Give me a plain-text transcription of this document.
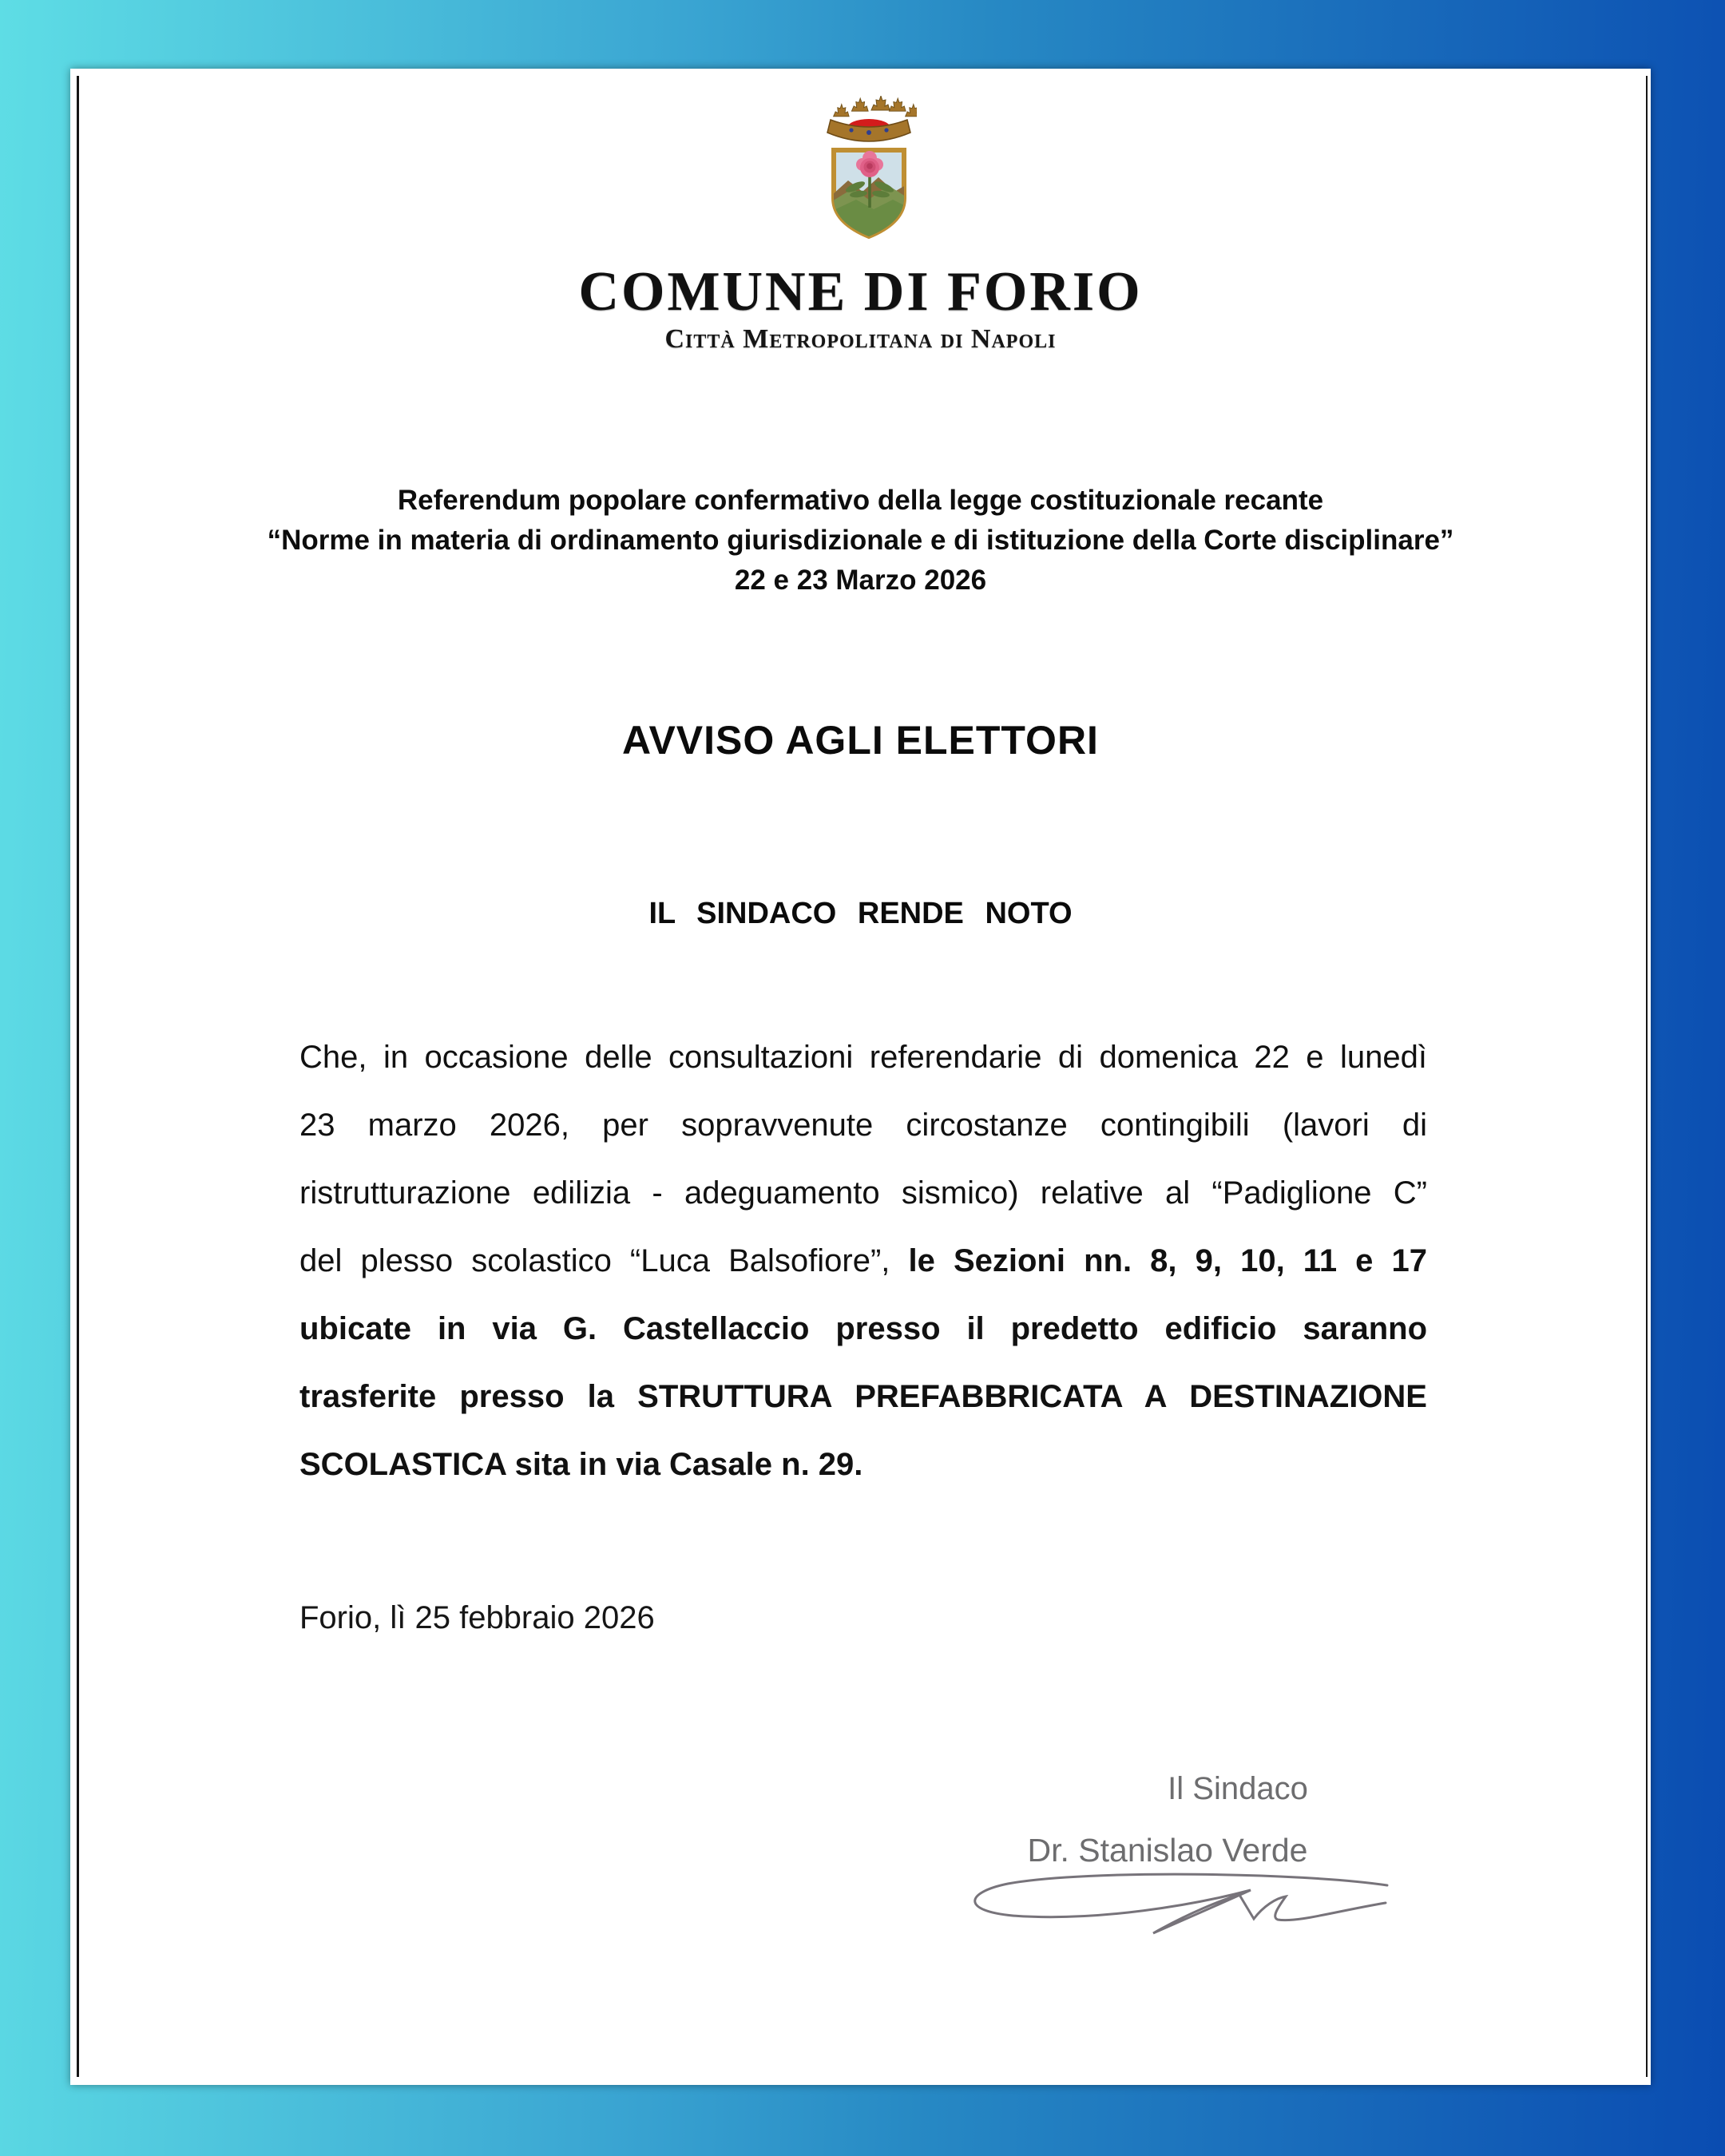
COMUNE DI FORIO
Città Metropolitana di Napoli
Referendum popolare confermativo della legge costituzionale recante
“Norme in materia di ordinamento giurisdizionale e di istituzione della Corte disciplinare”
22 e 23 Marzo 2026
AVVISO AGLI ELETTORI
IL SINDACO RENDE NOTO
Che, in occasione delle consultazioni referendarie di domenica 22 e lunedì
23 marzo 2026, per sopravvenute circostanze contingibili (lavori di
ristrutturazione edilizia - adeguamento sismico) relative al “Padiglione C”
del plesso scolastico “Luca Balsofiore”, le Sezioni nn. 8, 9, 10, 11 e 17
ubicate in via G. Castellaccio presso il predetto edificio saranno
trasferite presso la STRUTTURA PREFABBRICATA A DESTINAZIONE
SCOLASTICA sita in via Casale n. 29.
Forio, lì 25 febbraio 2026
Il Sindaco
Dr. Stanislao Verde
